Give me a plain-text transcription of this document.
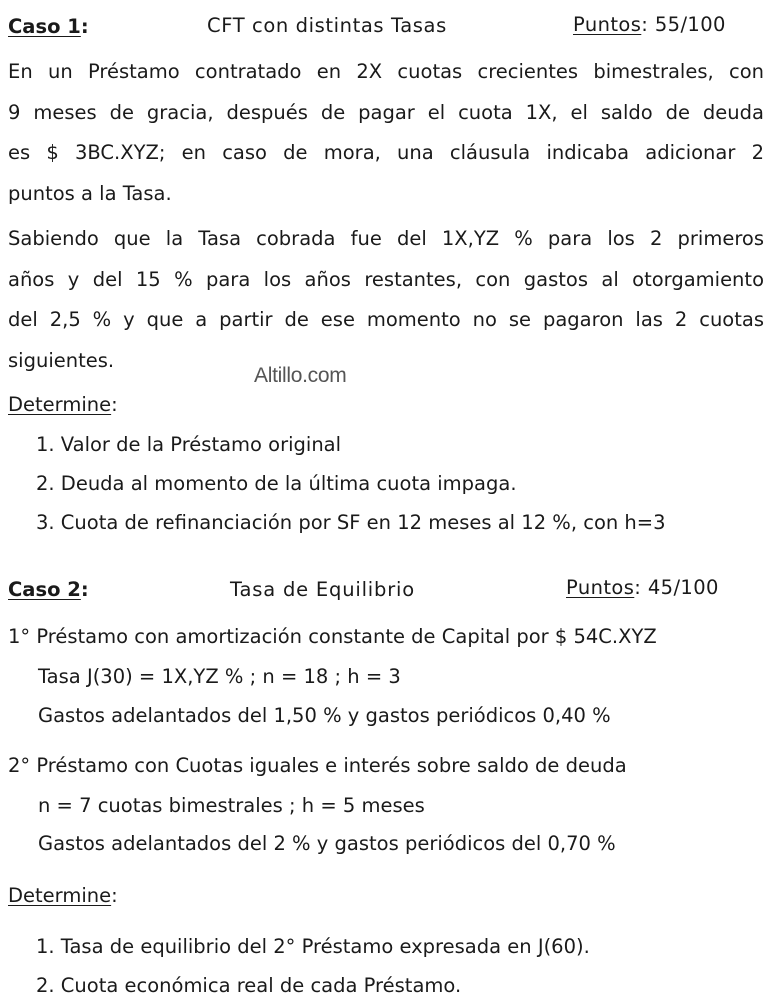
Caso 1:	CFT con distintas Tasas	Puntos: 55/100
En un Préstamo contratado en 2X cuotas crecientes bimestrales, con
9 meses de gracia, después de pagar el cuota 1X, el saldo de deuda
es $ 3BC.XYZ; en caso de mora, una cláusula indicaba adicionar 2
puntos a la Tasa.
Sabiendo que la Tasa cobrada fue del 1X,YZ % para los 2 primeros
años y del 15 % para los años restantes, con gastos al otorgamiento
del 2,5 % y que a partir de ese momento no se pagaron las 2 cuotas
siguientes.
Altillo.com
Determine:
1. Valor de la Préstamo original
2. Deuda al momento de la última cuota impaga.
3. Cuota de refinanciación por SF en 12 meses al 12 %, con h=3
Caso 2:	Tasa de Equilibrio	Puntos: 45/100
1° Préstamo con amortización constante de Capital por $ 54C.XYZ
Tasa J(30) = 1X,YZ % ; n = 18 ; h = 3
Gastos adelantados del 1,50 % y gastos periódicos 0,40 %
2° Préstamo con Cuotas iguales e interés sobre saldo de deuda
n = 7 cuotas bimestrales ; h = 5 meses
Gastos adelantados del 2 % y gastos periódicos del 0,70 %
Determine:
1. Tasa de equilibrio del 2° Préstamo expresada en J(60).
2. Cuota económica real de cada Préstamo.
